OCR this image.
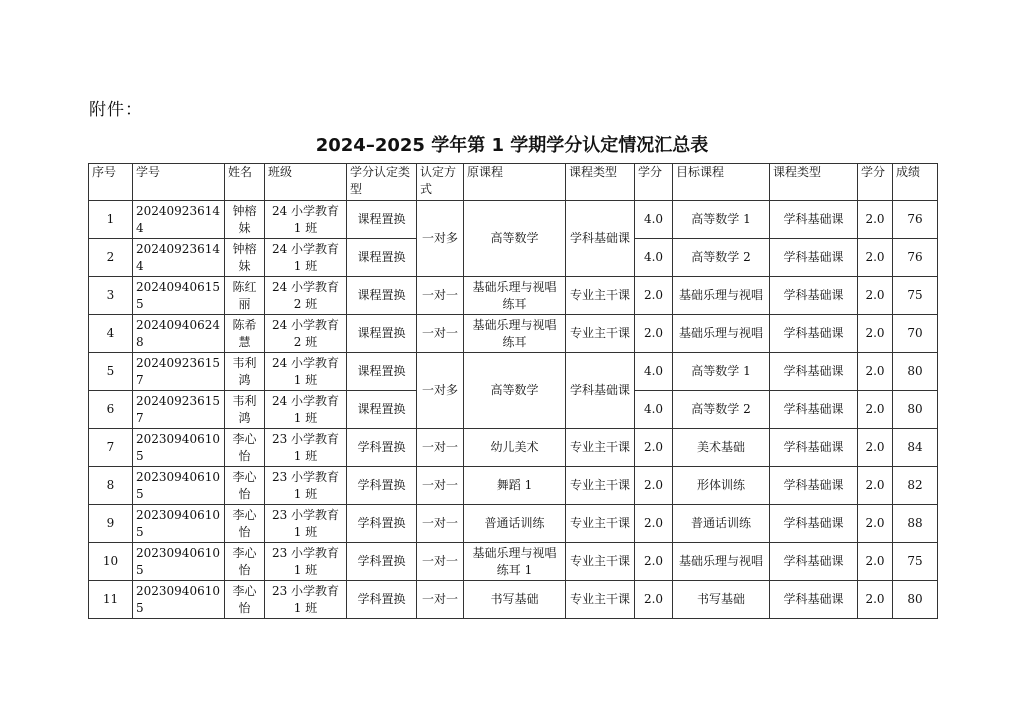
附件：
2024–2025 学年第 1 学期学分认定情况汇总表
序号	学号	姓名	班级	学分认定类型	认定方式	原课程	课程类型	学分	目标课程	课程类型	学分	成绩
1	202409236144	钟榕妹	24 小学教育 1 班	课程置换	一对多	高等数学	学科基础课	4.0	高等数学 1	学科基础课	2.0	76
2	202409236144	钟榕妹	24 小学教育 1 班	课程置换				4.0	高等数学 2	学科基础课	2.0	76
3	202409406155	陈红丽	24 小学教育 2 班	课程置换	一对一	基础乐理与视唱练耳	专业主干课	2.0	基础乐理与视唱	学科基础课	2.0	75
4	202409406248	陈希慧	24 小学教育 2 班	课程置换	一对一	基础乐理与视唱练耳	专业主干课	2.0	基础乐理与视唱	学科基础课	2.0	70
5	202409236157	韦利鸿	24 小学教育 1 班	课程置换	一对多	高等数学	学科基础课	4.0	高等数学 1	学科基础课	2.0	80
6	202409236157	韦利鸿	24 小学教育 1 班	课程置换				4.0	高等数学 2	学科基础课	2.0	80
7	202309406105	李心怡	23 小学教育 1 班	学科置换	一对一	幼儿美术	专业主干课	2.0	美术基础	学科基础课	2.0	84
8	202309406105	李心怡	23 小学教育 1 班	学科置换	一对一	舞蹈 1	专业主干课	2.0	形体训练	学科基础课	2.0	82
9	202309406105	李心怡	23 小学教育 1 班	学科置换	一对一	普通话训练	专业主干课	2.0	普通话训练	学科基础课	2.0	88
10	202309406105	李心怡	23 小学教育 1 班	学科置换	一对一	基础乐理与视唱练耳 1	专业主干课	2.0	基础乐理与视唱	学科基础课	2.0	75
11	202309406105	李心怡	23 小学教育 1 班	学科置换	一对一	书写基础	专业主干课	2.0	书写基础	学科基础课	2.0	80
